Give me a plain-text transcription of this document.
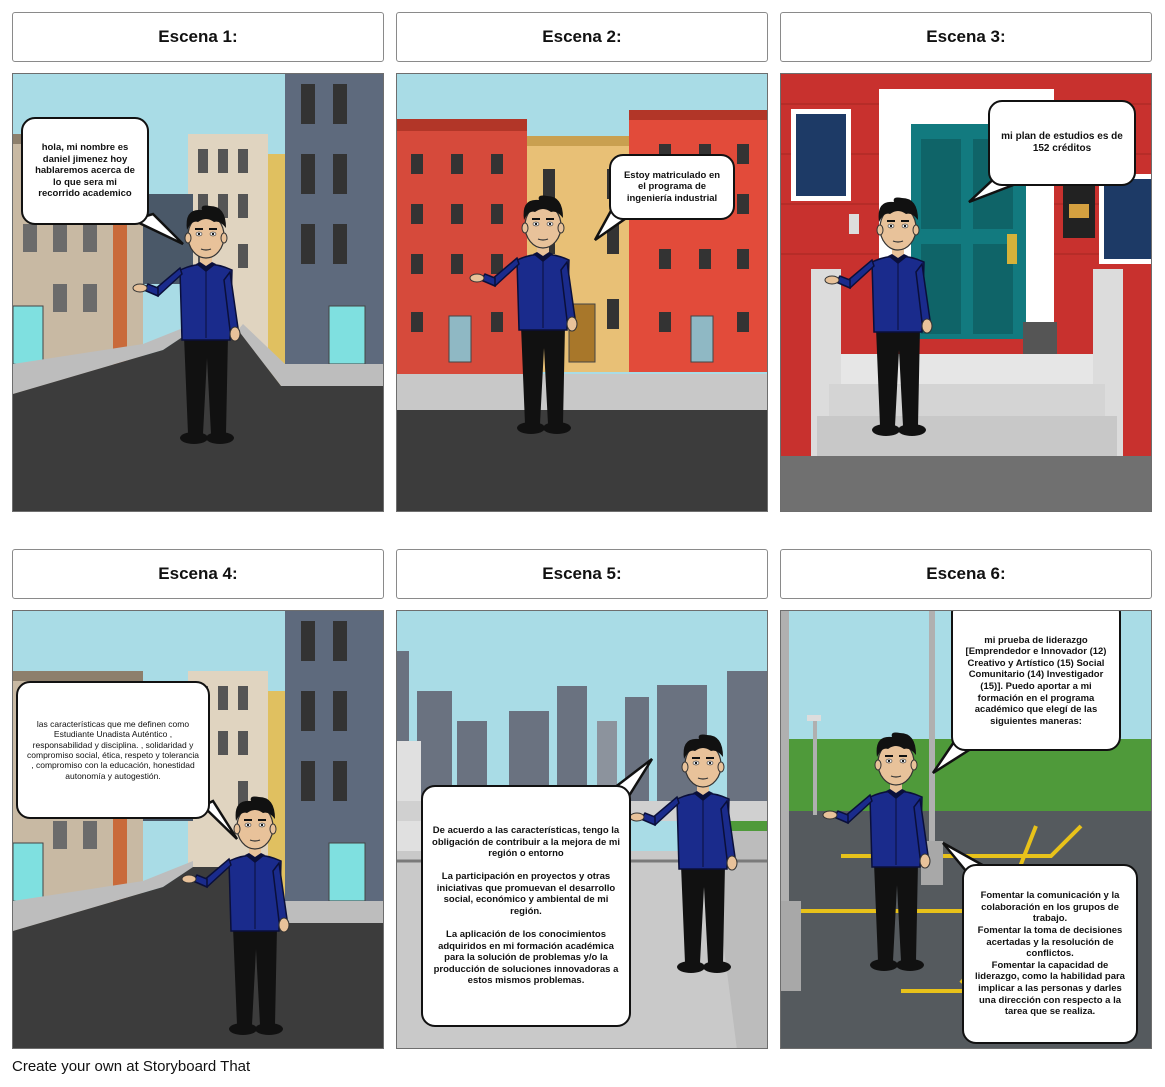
Escena 1:	Escena 2:	Escena 3:
Escena 4:	Escena 5:	Escena 6:
hola, mi nombre es daniel jimenez hoy hablaremos acerca de lo que sera mi recorrido academico
Estoy matriculado en el programa de ingeniería industrial
mi plan de estudios es de 152 créditos
las características que me definen como Estudiante Unadista Auténtico , responsabilidad y disciplina. , solidaridad y compromiso social, ética, respeto y tolerancia , compromiso con la educación, honestidad autonomía y autogestión.
De acuerdo a las características, tengo la obligación de contribuir a la mejora de mi región o entorno

La participación en proyectos y otras iniciativas que promuevan el desarrollo social, económico y ambiental de mi región.

La aplicación de los conocimientos adquiridos en mi formación académica para la solución de problemas y/o la producción de soluciones innovadoras a estos mismos problemas.
mi prueba de liderazgo [Emprendedor e Innovador (12) Creativo y Artístico (15) Social Comunitario (14) Investigador (15)]. Puedo aportar a mi formación en el programa académico que elegí de las siguientes maneras:
Fomentar la comunicación y la colaboración en los grupos de trabajo.
Fomentar la toma de decisiones acertadas y la resolución de conflictos.
Fomentar la capacidad de liderazgo, como la habilidad para implicar a las personas y darles una dirección con respecto a la tarea que se realiza.
Create your own at Storyboard That
